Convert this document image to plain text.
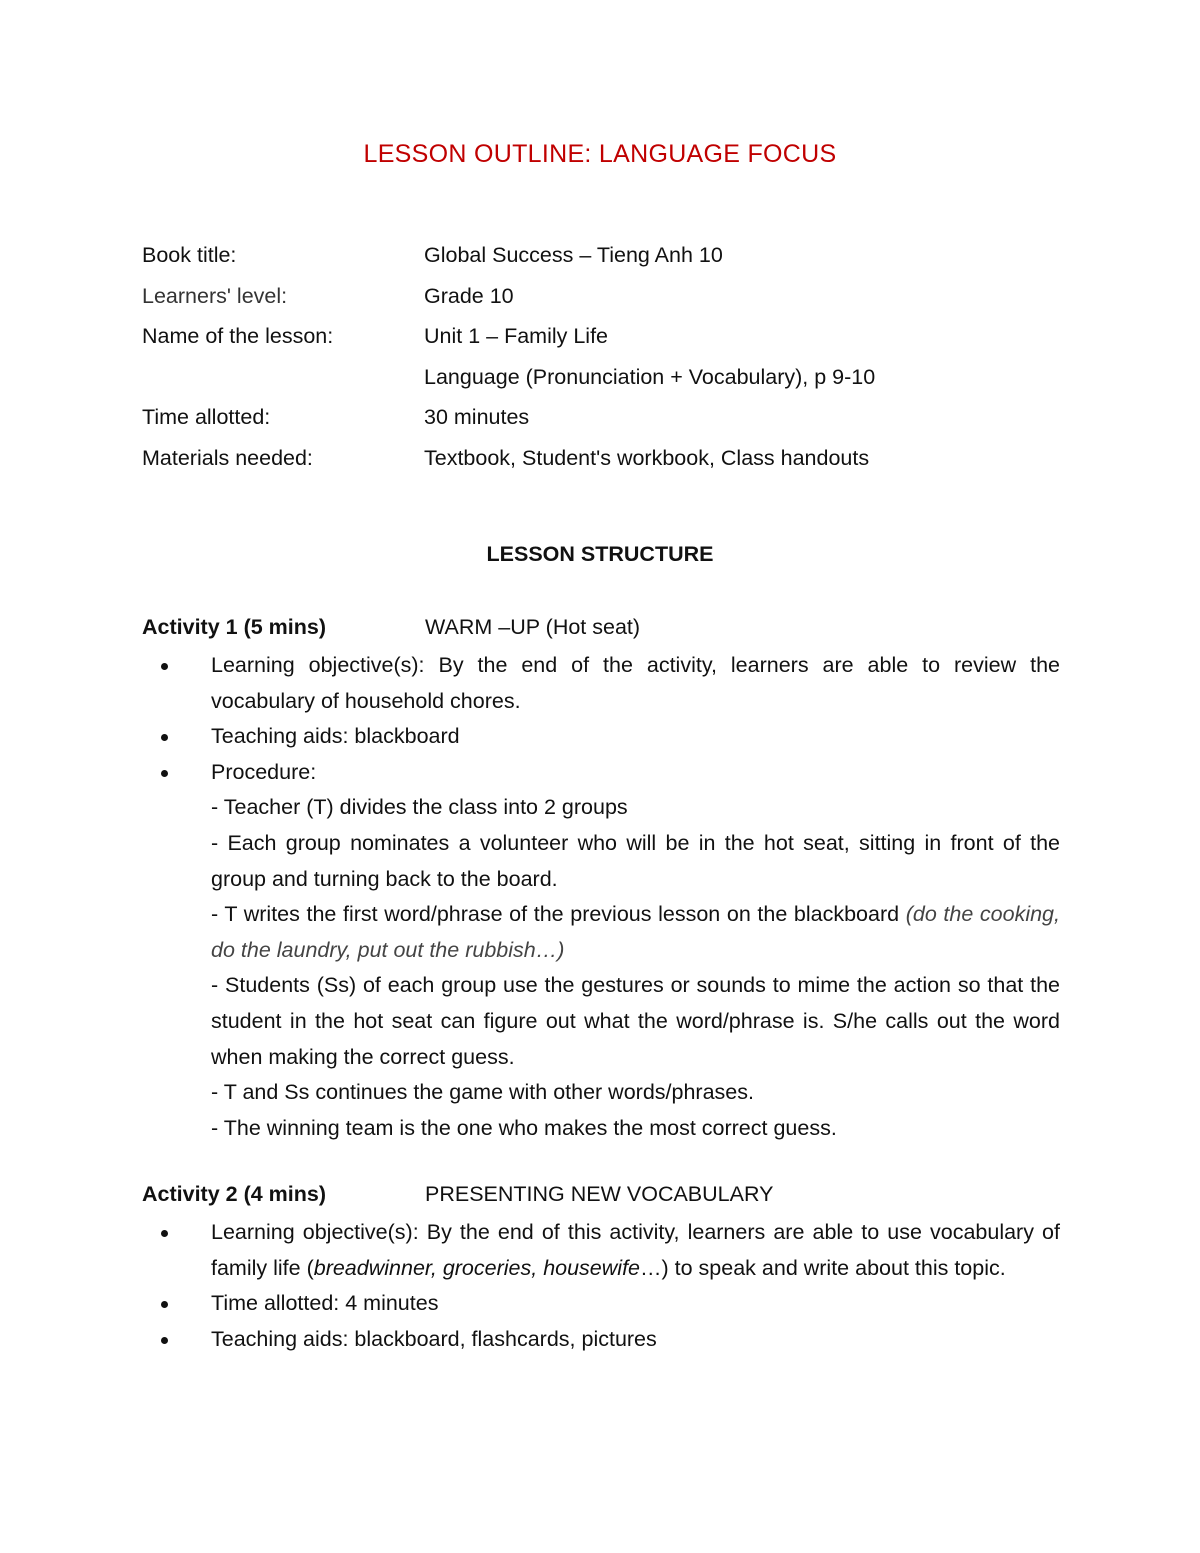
LESSON OUTLINE: LANGUAGE FOCUS
Book title:	Global Success – Tieng Anh 10
Learners' level:	Grade 10
Name of the lesson:	Unit 1 – Family Life
Language (Pronunciation + Vocabulary), p 9-10
Time allotted:	30 minutes
Materials needed:	Textbook, Student's workbook, Class handouts
LESSON STRUCTURE
Activity 1 (5 mins)	WARM –UP (Hot seat)
Learning objective(s): By the end of the activity, learners are able to review the vocabulary of household chores.
Teaching aids: blackboard
Procedure:
- Teacher (T) divides the class into 2 groups
- Each group nominates a volunteer who will be in the hot seat, sitting in front of the group and turning back to the board.
- T writes the first word/phrase of the previous lesson on the blackboard (do the cooking, do the laundry, put out the rubbish…)
- Students (Ss) of each group use the gestures or sounds to mime the action so that the student in the hot seat can figure out what the word/phrase is. S/he calls out the word when making the correct guess.
- T and Ss continues the game with other words/phrases.
- The winning team is the one who makes the most correct guess.
Activity 2 (4 mins)	PRESENTING NEW VOCABULARY
Learning objective(s): By the end of this activity, learners are able to use vocabulary of family life (breadwinner, groceries, housewife…) to speak and write about this topic.
Time allotted: 4 minutes
Teaching aids: blackboard, flashcards, pictures
